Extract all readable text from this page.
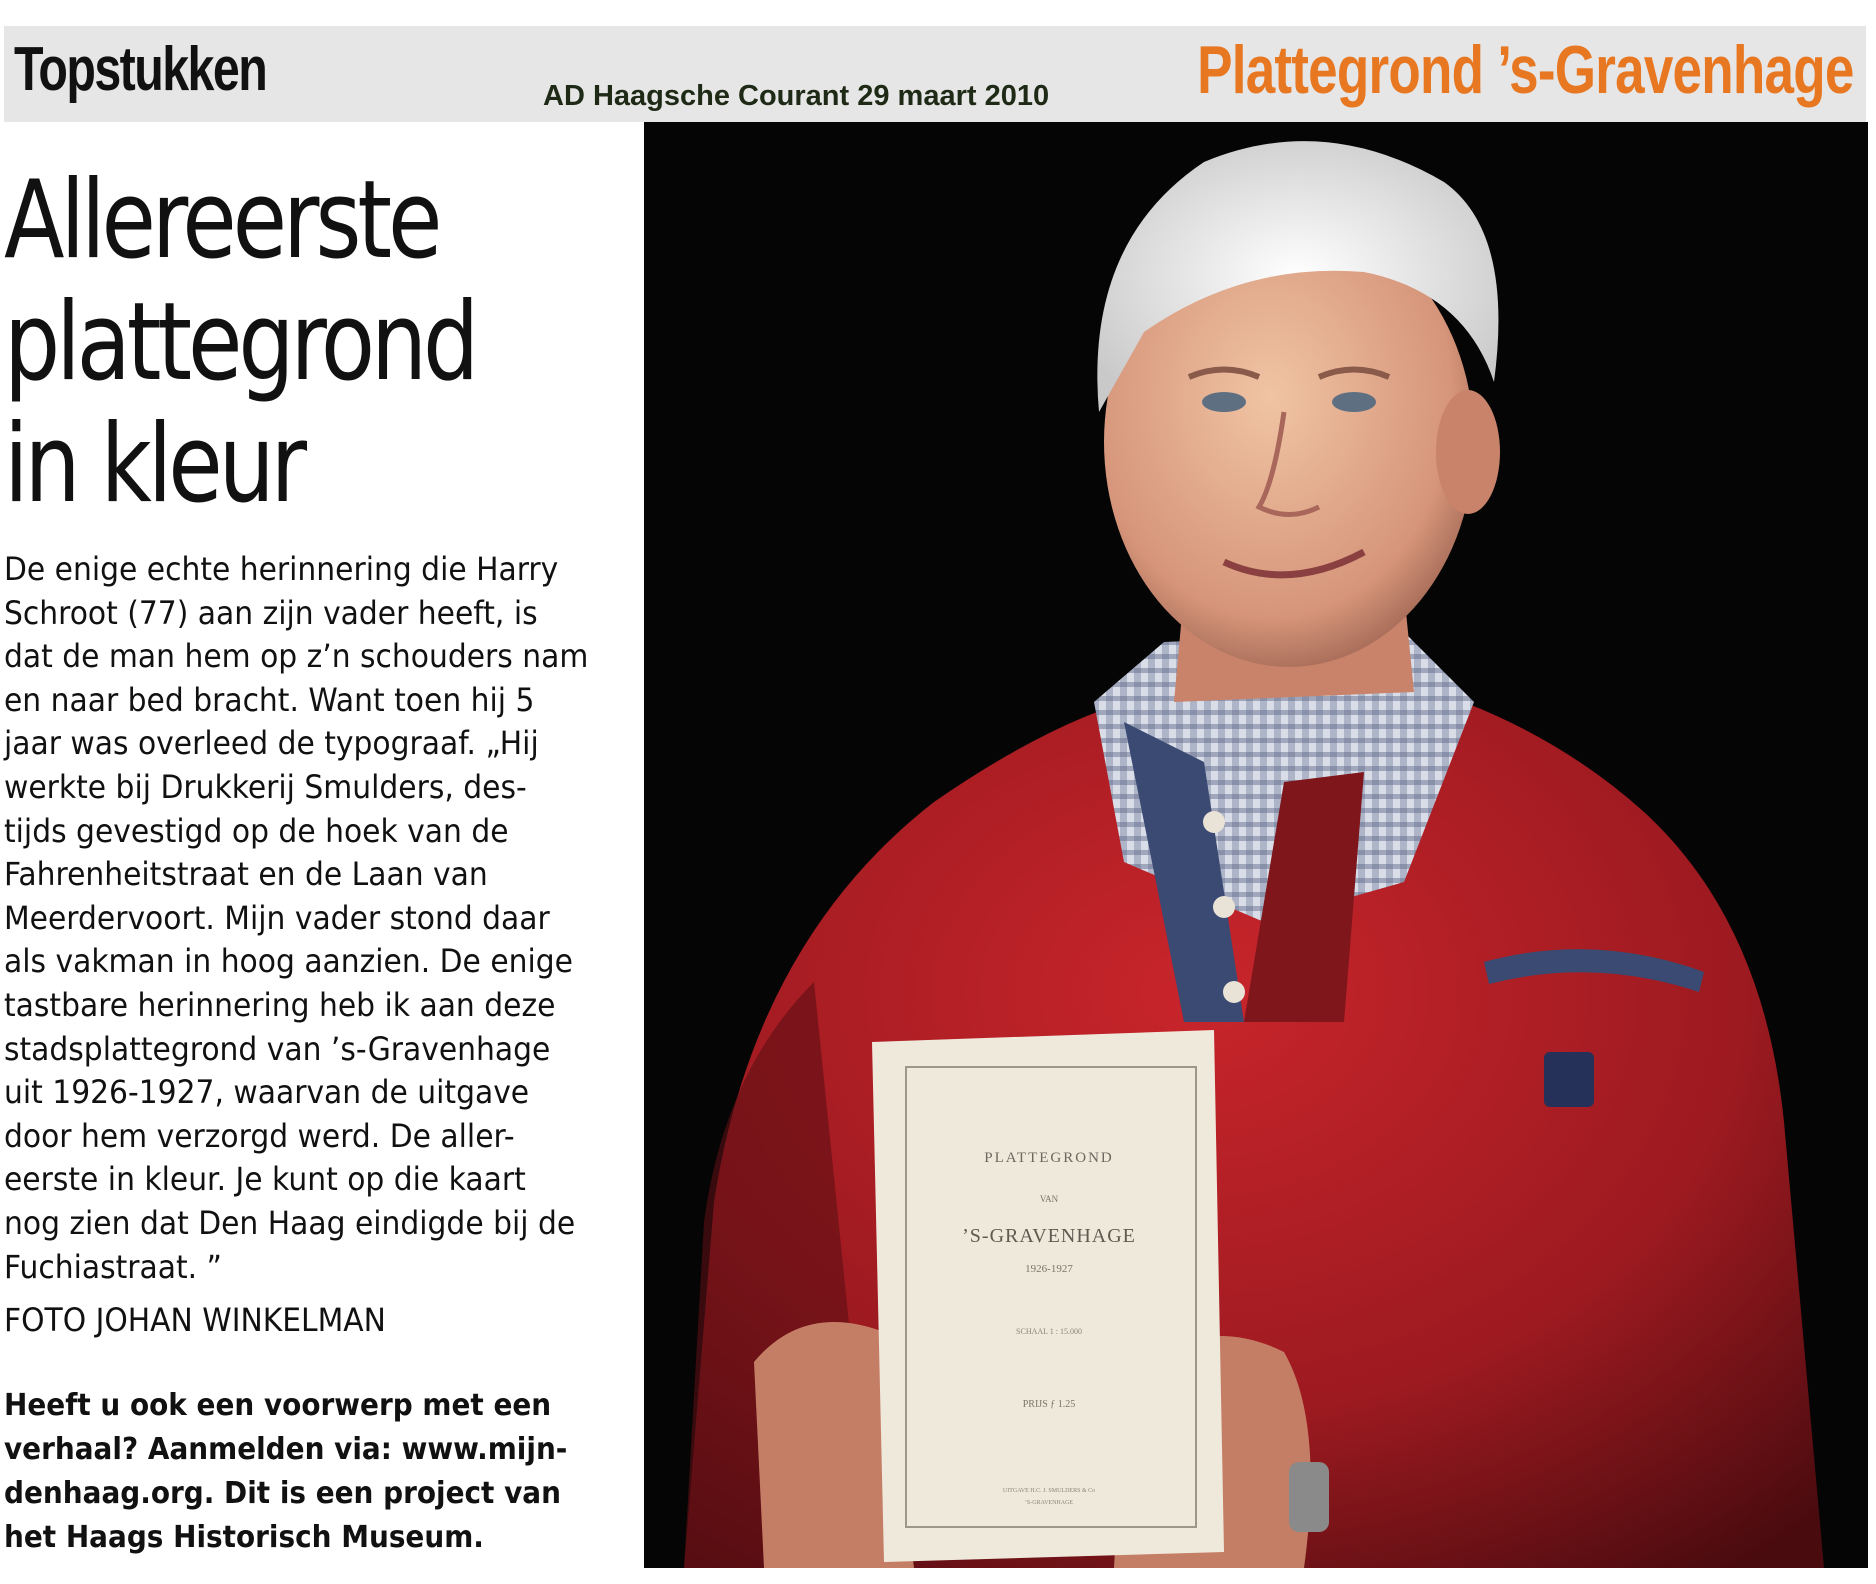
Topstukken	AD Haagsche Courant 29 maart 2010 Plattegrond ’s-Gravenhage
Allereerste
plattegrond
in kleur
De enige echte herinnering die Harry
Schroot (77) aan zijn vader heeft, is
dat de man hem op z’n schouders nam
en naar bed bracht. Want toen hij 5
jaar was overleed de typograaf. „Hij
werkte bij Drukkerij Smulders, des-
tijds gevestigd op de hoek van de
Fahrenheitstraat en de Laan van
Meerdervoort. Mijn vader stond daar
als vakman in hoog aanzien. De enige
tastbare herinnering heb ik aan deze
stadsplattegrond van ’s-Gravenhage
uit 1926-1927, waarvan de uitgave
door hem verzorgd werd. De aller-
eerste in kleur. Je kunt op die kaart
nog zien dat Den Haag eindigde bij de
Fuchiastraat. ”
FOTO JOHAN WINKELMAN
Heeft u ook een voorwerp met een
verhaal? Aanmelden via: www.mijn-
denhaag.org. Dit is een project van
het Haags Historisch Museum.
PLATTEGROND
VAN
’S-GRAVENHAGE
1926-1927
SCHAAL 1 : 15.000
PRIJS ƒ 1.25
UITGAVE H.C. J. SMULDERS & Co
’S-GRAVENHAGE
